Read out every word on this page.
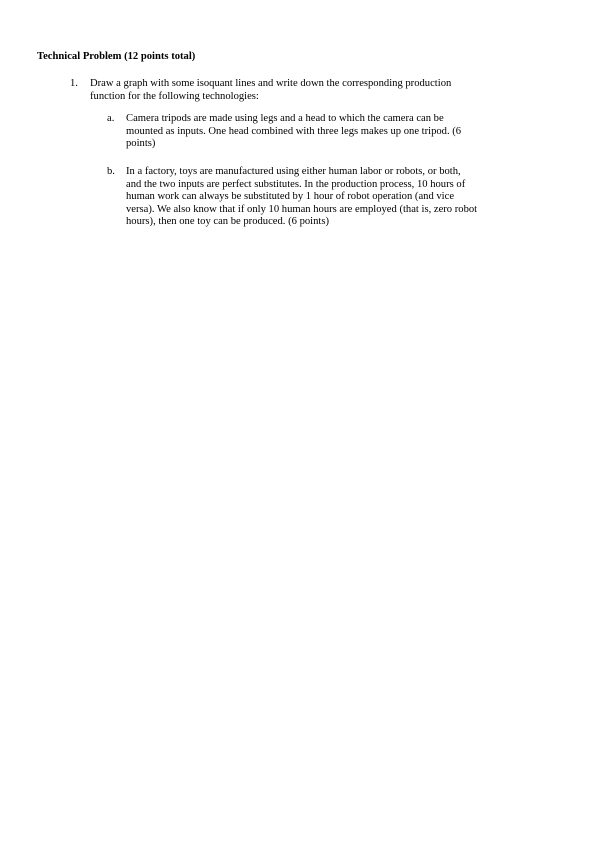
Technical Problem (12 points total)
1. Draw a graph with some isoquant lines and write down the corresponding production
function for the following technologies:
a. Camera tripods are made using legs and a head to which the camera can be
mounted as inputs. One head combined with three legs makes up one tripod. (6
points)
b. In a factory, toys are manufactured using either human labor or robots, or both,
and the two inputs are perfect substitutes. In the production process, 10 hours of
human work can always be substituted by 1 hour of robot operation (and vice
versa). We also know that if only 10 human hours are employed (that is, zero robot
hours), then one toy can be produced. (6 points)
